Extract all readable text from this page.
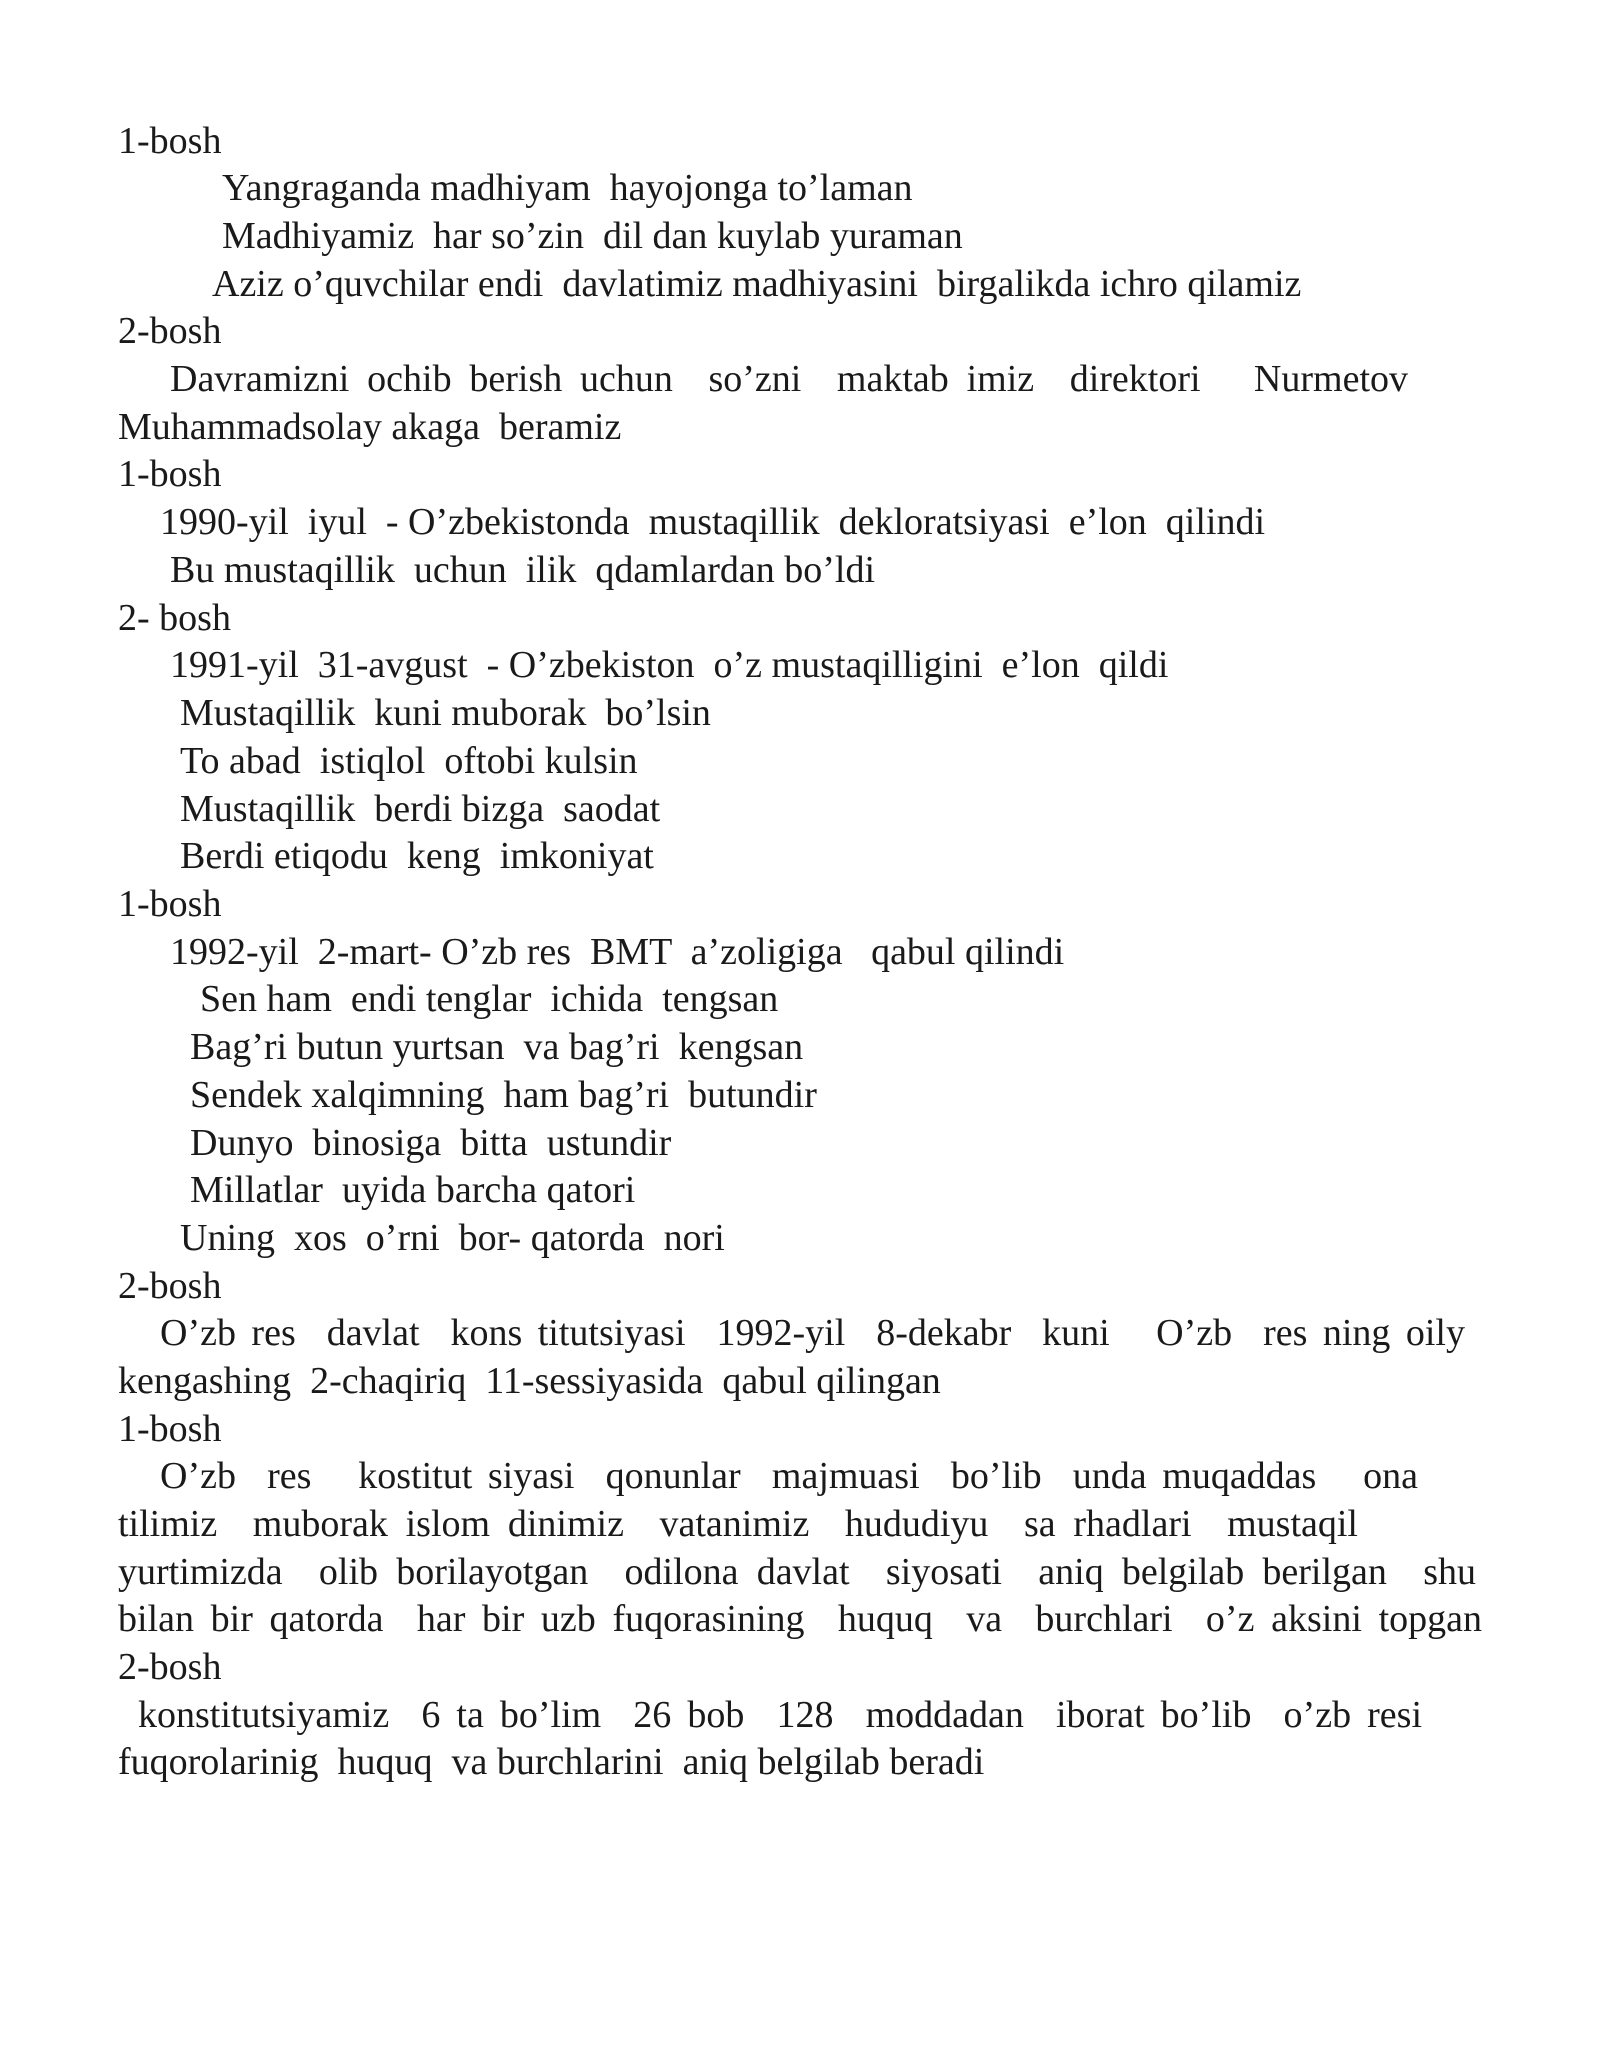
1-bosh
Yangraganda madhiyam  hayojonga to’laman
Madhiyamiz  har so’zin  dil dan kuylab yuraman
Aziz o’quvchilar endi  davlatimiz madhiyasini  birgalikda ichro qilamiz
2-bosh
Davramizni ochib berish uchun  so’zni  maktab imiz  direktori   Nurmetov
Muhammadsolay akaga  beramiz
1-bosh
1990-yil  iyul  - O’zbekistonda  mustaqillik  dekloratsiyasi  e’lon  qilindi
Bu mustaqillik  uchun  ilik  qdamlardan bo’ldi
2- bosh
1991-yil  31-avgust  - O’zbekiston  o’z mustaqilligini  e’lon  qildi
Mustaqillik  kuni muborak  bo’lsin
To abad  istiqlol  oftobi kulsin
Mustaqillik  berdi bizga  saodat
Berdi etiqodu  keng  imkoniyat
1-bosh
1992-yil  2-mart- O’zb res  BMT  a’zoligiga   qabul qilindi
Sen ham  endi tenglar  ichida  tengsan
Bag’ri butun yurtsan  va bag’ri  kengsan
Sendek xalqimning  ham bag’ri  butundir
Dunyo  binosiga  bitta  ustundir
Millatlar  uyida barcha qatori
Uning  xos  o’rni  bor- qatorda  nori
2-bosh
O’zb res  davlat  kons titutsiyasi  1992-yil  8-dekabr  kuni   O’zb  res ning oily
kengashing  2-chaqiriq  11-sessiyasida  qabul qilingan
1-bosh
O’zb  res   kostitut siyasi  qonunlar  majmuasi  bo’lib  unda muqaddas   ona
tilimiz  muborak islom dinimiz  vatanimiz  hududiyu  sa rhadlari  mustaqil
yurtimizda  olib borilayotgan  odilona davlat  siyosati  aniq belgilab berilgan  shu
bilan bir qatorda  har bir uzb fuqorasining  huquq  va  burchlari  o’z aksini topgan
2-bosh
konstitutsiyamiz  6 ta bo’lim  26 bob  128  moddadan  iborat bo’lib  o’zb resi
fuqorolarinig  huquq  va burchlarini  aniq belgilab beradi
